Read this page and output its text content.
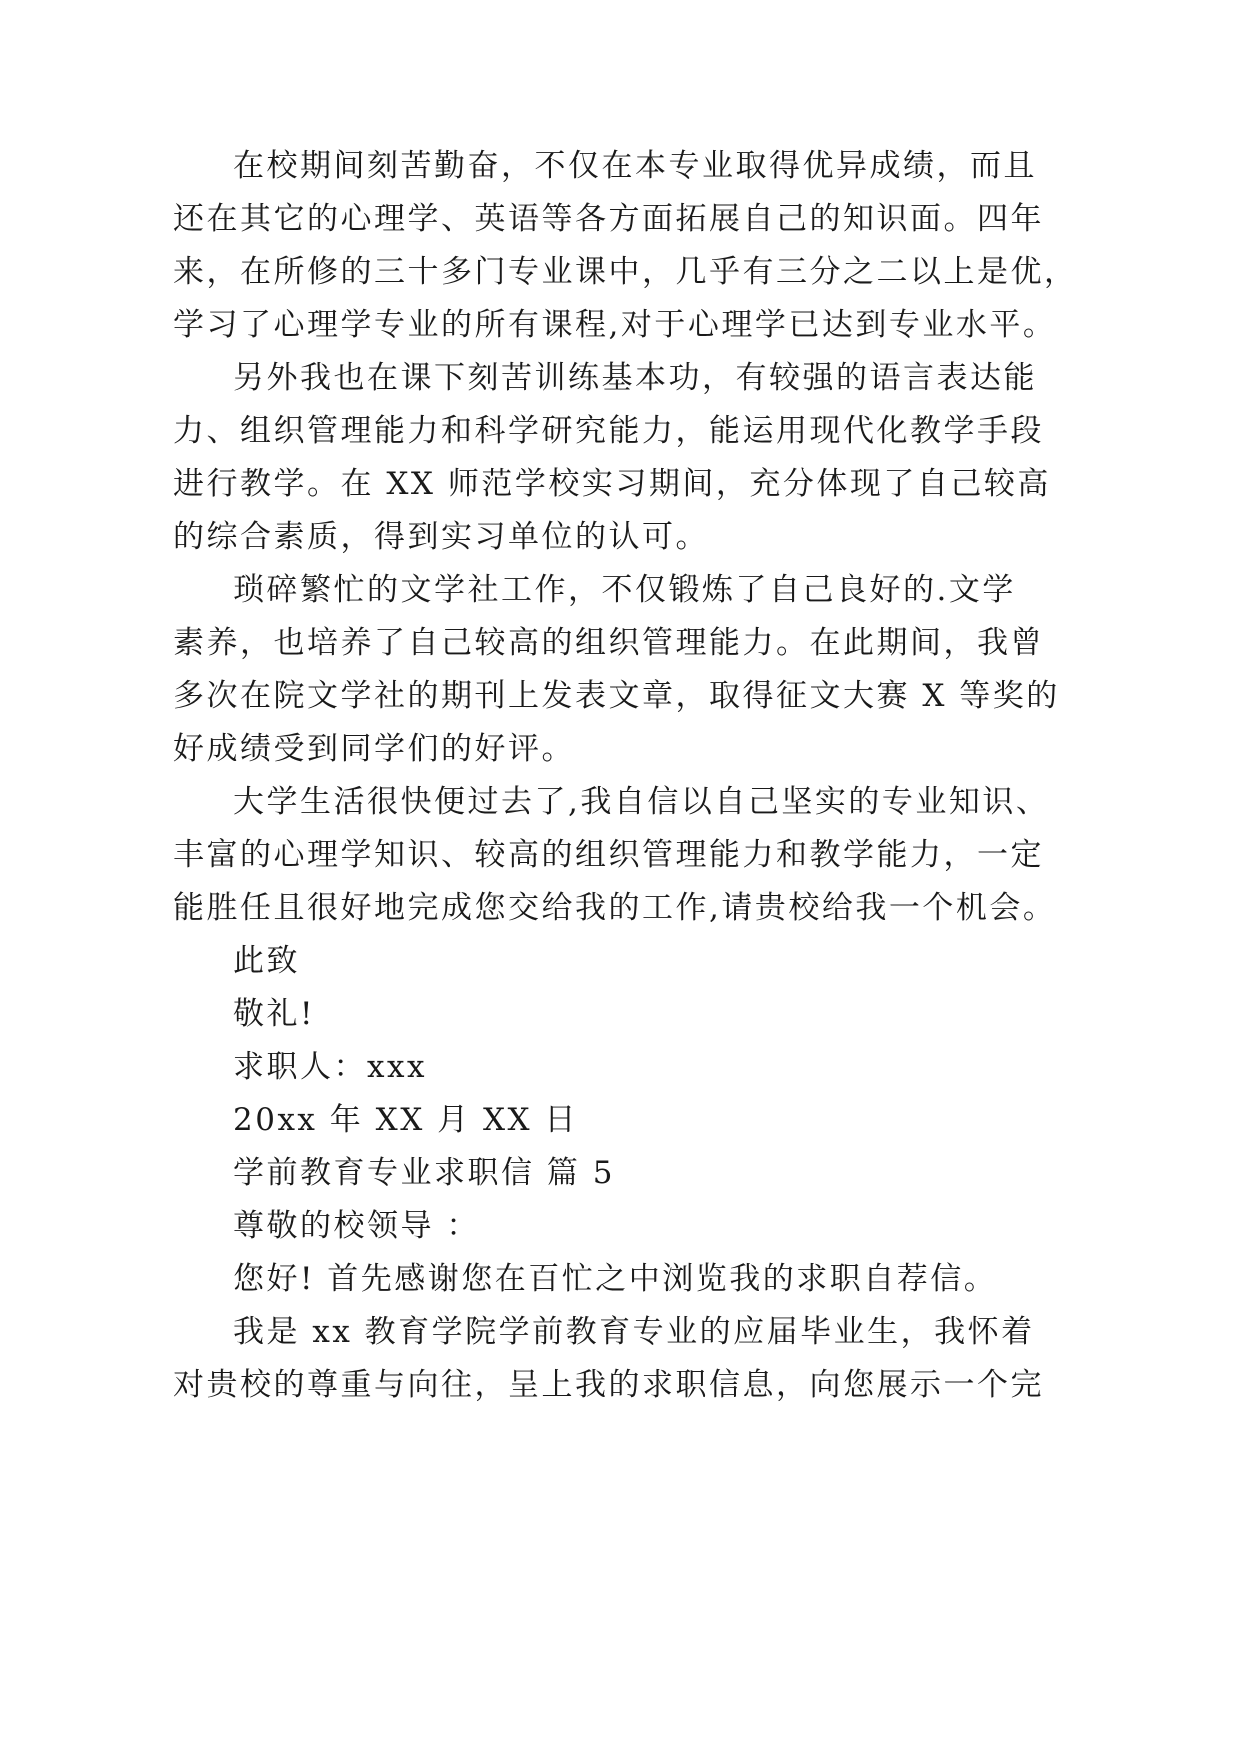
在校期间刻苦勤奋，不仅在本专业取得优异成绩，而且
还在其它的心理学、英语等各方面拓展自己的知识面。四年
来，在所修的三十多门专业课中，几乎有三分之二以上是优，
学习了心理学专业的所有课程,对于心理学已达到专业水平。
另外我也在课下刻苦训练基本功，有较强的语言表达能
力、组织管理能力和科学研究能力，能运用现代化教学手段
进行教学。在 XX 师范学校实习期间，充分体现了自己较高
的综合素质，得到实习单位的认可。
琐碎繁忙的文学社工作，不仅锻炼了自己良好的.文学
素养，也培养了自己较高的组织管理能力。在此期间，我曾
多次在院文学社的期刊上发表文章，取得征文大赛 X 等奖的
好成绩受到同学们的好评。
大学生活很快便过去了,我自信以自己坚实的专业知识、
丰富的心理学知识、较高的组织管理能力和教学能力，一定
能胜任且很好地完成您交给我的工作,请贵校给我一个机会。
此致
敬礼!
求职人：xxx
20xx 年 XX 月 XX 日
学前教育专业求职信 篇 5
尊敬的校领导 ：
您好! 首先感谢您在百忙之中浏览我的求职自荐信。
我是 xx 教育学院学前教育专业的应届毕业生，我怀着
对贵校的尊重与向往，呈上我的求职信息，向您展示一个完
